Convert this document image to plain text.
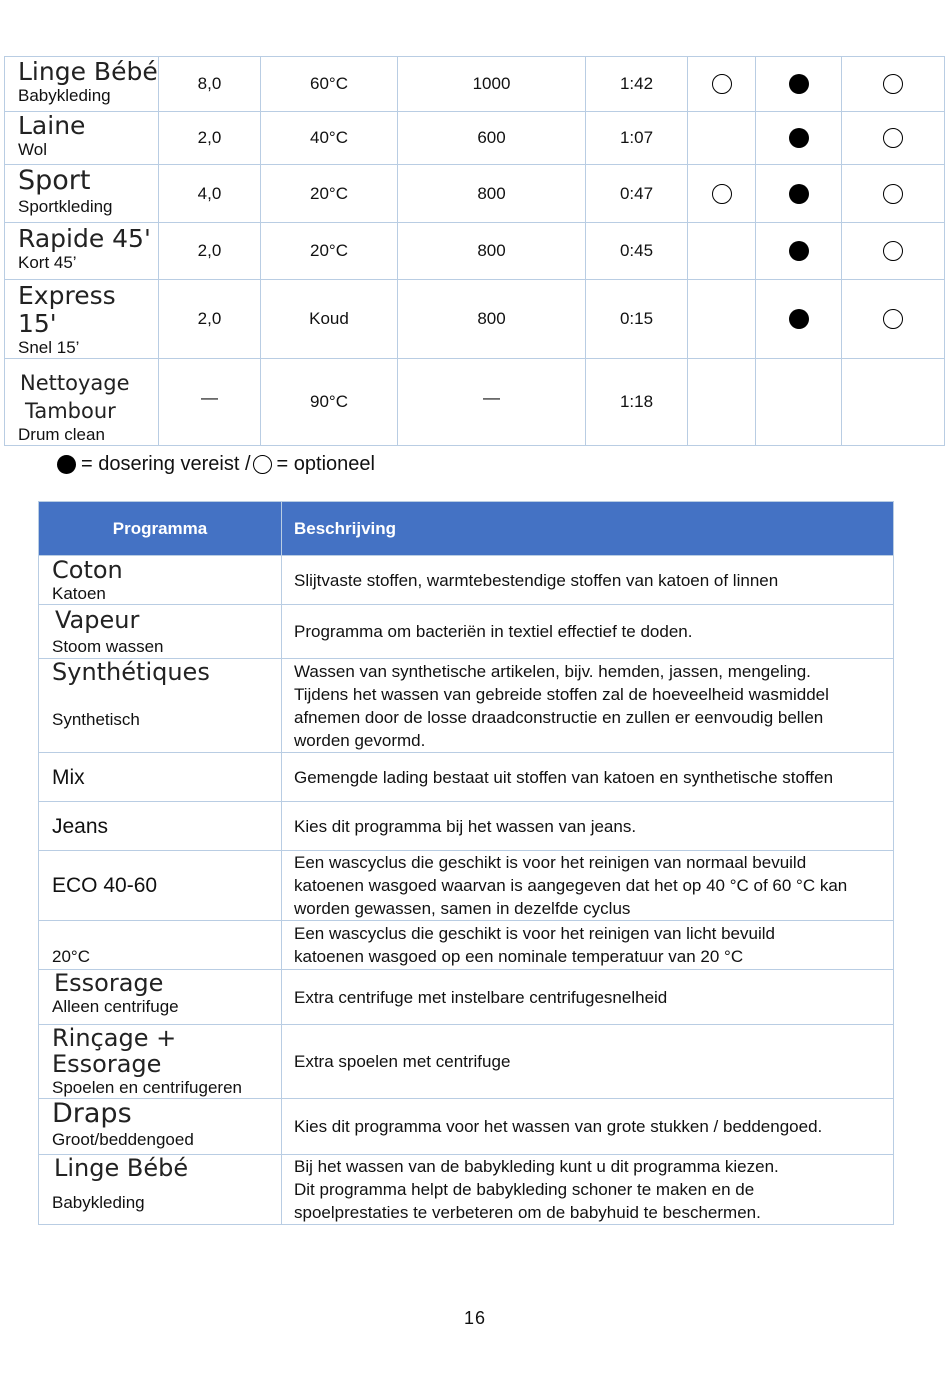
Linge Bébé
Babykleding	8,0	60°C	1000	1:42			

Laine
Wol	2,0	40°C	600	1:07			

Sport
Sportkleding	4,0	20°C	800	0:47			

Rapide 45'
Kort 45’	2,0	20°C	800	0:45			

Express 15'
Snel 15’	2,0	Koud	800	0:15			

Nettoyage
Tambour
Drum clean	—	90°C	—	1:18			
= dosering vereist / = optioneel
Programma	Beschrijving

Coton
Katoen	Slijtvaste stoffen, warmtebestendige stoffen van katoen of linnen

Vapeur
Stoom wassen	Programma om bacteriën in textiel effectief te doden.

Synthétiques
Synthetisch	Wassen van synthetische artikelen, bijv. hemden, jassen, mengeling.
Tijdens het wassen van gebreide stoffen zal de hoeveelheid wasmiddel
afnemen door de losse draadconstructie en zullen er eenvoudig bellen
worden gevormd.

Mix	Gemengde lading bestaat uit stoffen van katoen en synthetische stoffen

Jeans	Kies dit programma bij het wassen van jeans.

ECO 40-60	Een wascyclus die geschikt is voor het reinigen van normaal bevuild
katoenen wasgoed waarvan is aangegeven dat het op 40 °C of 60 °C kan
worden gewassen, samen in dezelfde cyclus

20°C	Een wascyclus die geschikt is voor het reinigen van licht bevuild
katoenen wasgoed op een nominale temperatuur van 20 °C

Essorage
Alleen centrifuge	Extra centrifuge met instelbare centrifugesnelheid

Rinçage + Essorage
Spoelen en centrifugeren	Extra spoelen met centrifuge

Draps
Groot/beddengoed	Kies dit programma voor het wassen van grote stukken / beddengoed.

Linge Bébé
Babykleding	Bij het wassen van de babykleding kunt u dit programma kiezen.
Dit programma helpt de babykleding schoner te maken en de
spoelprestaties te verbeteren om de babyhuid te beschermen.
16
